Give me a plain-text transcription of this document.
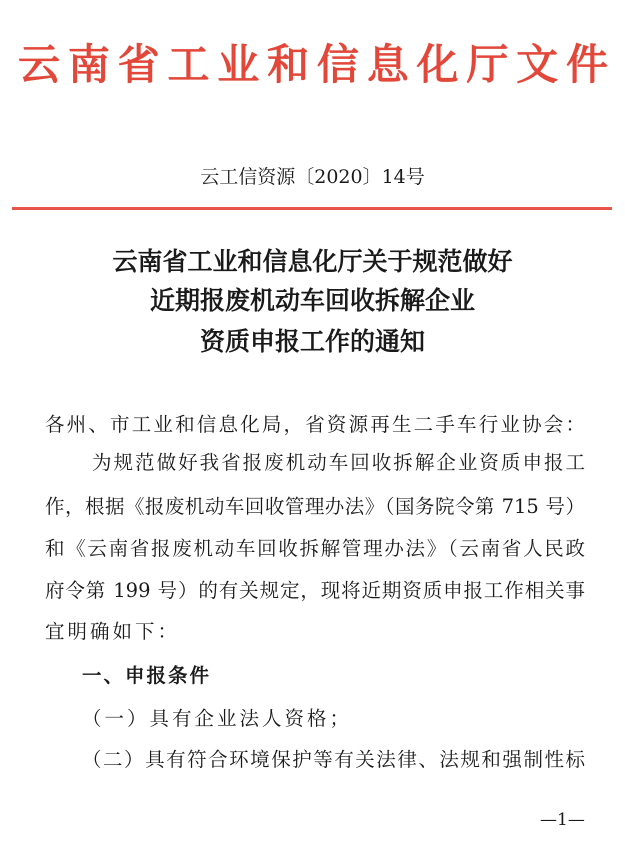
云南省工业和信息化厅文件
云工信资源〔2020〕14号
云南省工业和信息化厅关于规范做好
近期报废机动车回收拆解企业
资质申报工作的通知
各州、市工业和信息化局，省资源再生二手车行业协会：
为规范做好我省报废机动车回收拆解企业资质申报工
作，根据《报废机动车回收管理办法》（国务院令第 715 号）
和《云南省报废机动车回收拆解管理办法》（云南省人民政
府令第 199 号）的有关规定，现将近期资质申报工作相关事
宜明确如下：
一、申报条件
（一）具有企业法人资格；
（二）具有符合环境保护等有关法律、法规和强制性标
—1—
